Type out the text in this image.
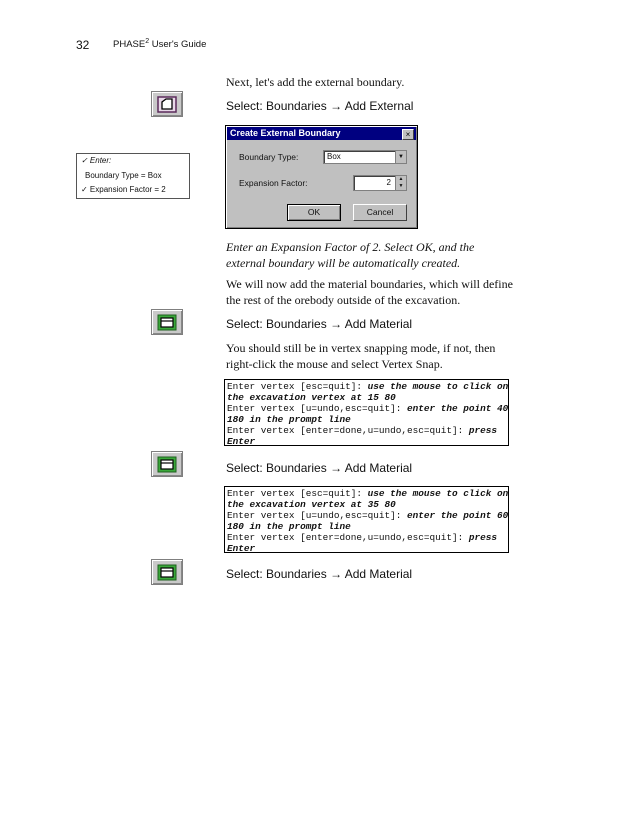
32 PHASE$^2$ User's Guide
Next, let's add the external boundary.
Select: Boundaries → Add External
✓ Enter:
Boundary Type = Box
✓ Expansion Factor = 2
Create External Boundary	×
Boundary Type:	Box	▼
Expansion Factor:	2	▲
▼
OK	Cancel
Enter an Expansion Factor of 2. Select OK, and the external boundary will be automatically created.
We will now add the material boundaries, which will define the rest of the orebody outside of the excavation.
Select: Boundaries → Add Material
You should still be in vertex snapping mode, if not, then right-click the mouse and select Vertex Snap.
Enter vertex [esc=quit]: use the mouse to click on
the excavation vertex at 15 80
Enter vertex [u=undo,esc=quit]: enter the point 40
180 in the prompt line
Enter vertex [enter=done,u=undo,esc=quit]: press
Enter
Select: Boundaries → Add Material
Enter vertex [esc=quit]: use the mouse to click on
the excavation vertex at 35 80
Enter vertex [u=undo,esc=quit]: enter the point 60
180 in the prompt line
Enter vertex [enter=done,u=undo,esc=quit]: press
Enter
Select: Boundaries → Add Material
